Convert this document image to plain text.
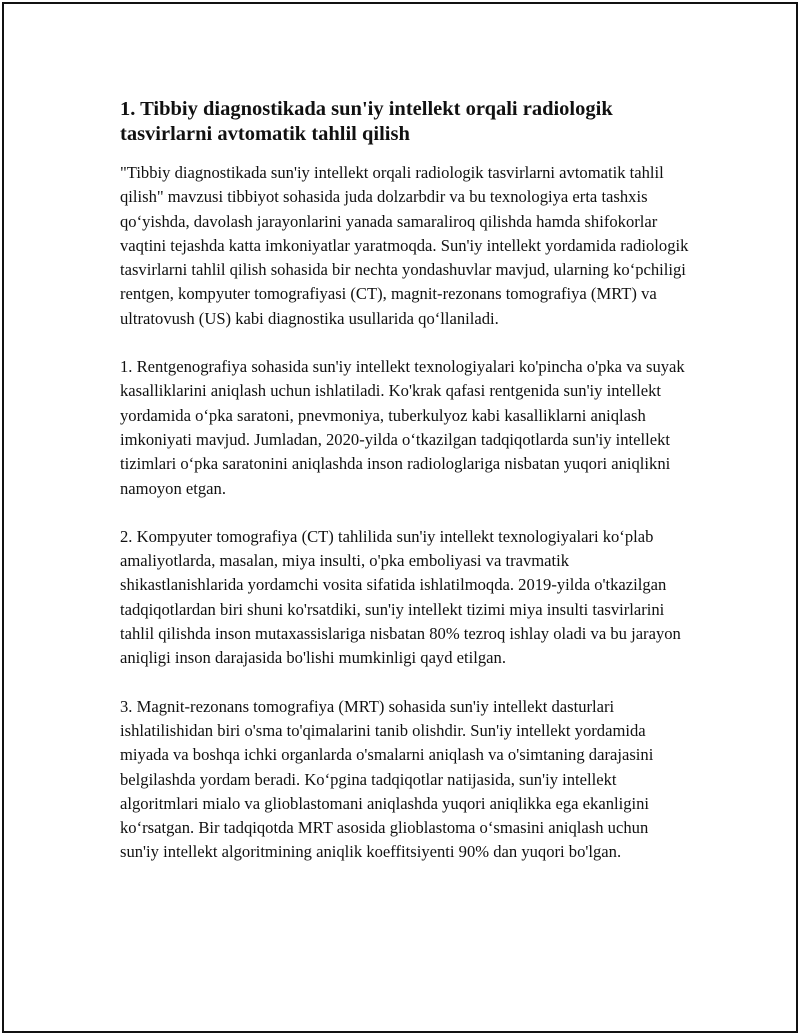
1. Tibbiy diagnostikada sun'iy intellekt orqali radiologik tasvirlarni avtomatik tahlil qilish

"Tibbiy diagnostikada sun'iy intellekt orqali radiologik tasvirlarni avtomatik tahlil qilish" mavzusi tibbiyot sohasida juda dolzarbdir va bu texnologiya erta tashxis qo‘yishda, davolash jarayonlarini yanada samaraliroq qilishda hamda shifokorlar vaqtini tejashda katta imkoniyatlar yaratmoqda. Sun'iy intellekt yordamida radiologik tasvirlarni tahlil qilish sohasida bir nechta yondashuvlar mavjud, ularning ko‘pchiligi rentgen, kompyuter tomografiyasi (CT), magnit-rezonans tomografiya (MRT) va ultratovush (US) kabi diagnostika usullarida qo‘llaniladi.

1. Rentgenografiya sohasida sun'iy intellekt texnologiyalari ko'pincha o'pka va suyak kasalliklarini aniqlash uchun ishlatiladi. Ko'krak qafasi rentgenida sun'iy intellekt yordamida o‘pka saratoni, pnevmoniya, tuberkulyoz kabi kasalliklarni aniqlash imkoniyati mavjud. Jumladan, 2020-yilda o‘tkazilgan tadqiqotlarda sun'iy intellekt tizimlari o‘pka saratonini aniqlashda inson radiologlariga nisbatan yuqori aniqlikni namoyon etgan.

2. Kompyuter tomografiya (CT) tahlilida sun'iy intellekt texnologiyalari ko‘plab amaliyotlarda, masalan, miya insulti, o'pka emboliyasi va travmatik shikastlanishlarida yordamchi vosita sifatida ishlatilmoqda. 2019-yilda o'tkazilgan tadqiqotlardan biri shuni ko'rsatdiki, sun'iy intellekt tizimi miya insulti tasvirlarini tahlil qilishda inson mutaxassislariga nisbatan 80% tezroq ishlay oladi va bu jarayon aniqligi inson darajasida bo'lishi mumkinligi qayd etilgan.

3. Magnit-rezonans tomografiya (MRT) sohasida sun'iy intellekt dasturlari ishlatilishidan biri o'sma to'qimalarini tanib olishdir. Sun'iy intellekt yordamida miyada va boshqa ichki organlarda o'smalarni aniqlash va o'simtaning darajasini belgilashda yordam beradi. Ko‘pgina tadqiqotlar natijasida, sun'iy intellekt algoritmlari mialo va glioblastomani aniqlashda yuqori aniqlikka ega ekanligini ko‘rsatgan. Bir tadqiqotda MRT asosida glioblastoma o‘smasini aniqlash uchun sun'iy intellekt algoritmining aniqlik koeffitsiyenti 90% dan yuqori bo'lgan.
